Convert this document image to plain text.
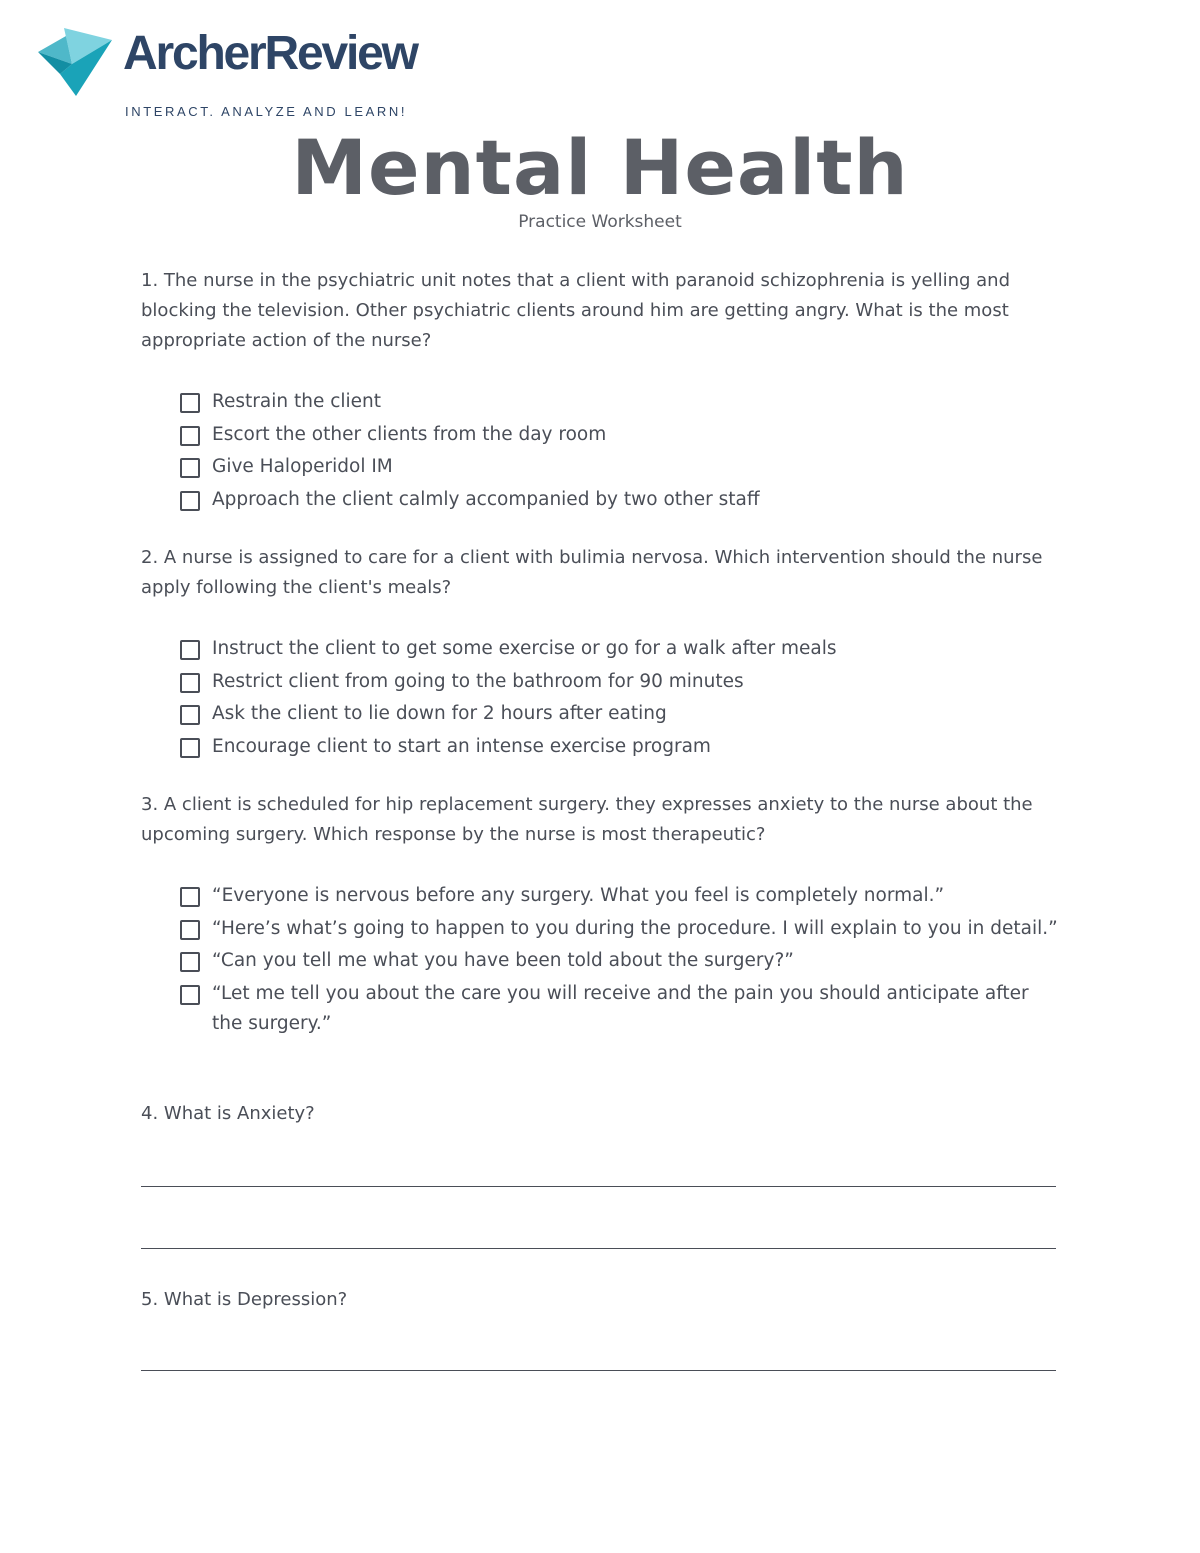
ArcherReview
INTERACT. ANALYZE AND LEARN!
Mental Health
Practice Worksheet
1. The nurse in the psychiatric unit notes that a client with paranoid schizophrenia is yelling and blocking the television. Other psychiatric clients around him are getting angry. What is the most appropriate action of the nurse?
Restrain the client
Escort the other clients from the day room
Give Haloperidol IM
Approach the client calmly accompanied by two other staff
2. A nurse is assigned to care for a client with bulimia nervosa. Which intervention should the nurse apply following the client's meals?
Instruct the client to get some exercise or go for a walk after meals
Restrict client from going to the bathroom for 90 minutes
Ask the client to lie down for 2 hours after eating
Encourage client to start an intense exercise program
3. A client is scheduled for hip replacement surgery. they expresses anxiety to the nurse about the upcoming surgery. Which response by the nurse is most therapeutic?
“Everyone is nervous before any surgery. What you feel is completely normal.”
“Here’s what’s going to happen to you during the procedure. I will explain to you in detail.”
“Can you tell me what you have been told about the surgery?”
“Let me tell you about the care you will receive and the pain you should anticipate after the surgery.”
4. What is Anxiety?
5. What is Depression?
